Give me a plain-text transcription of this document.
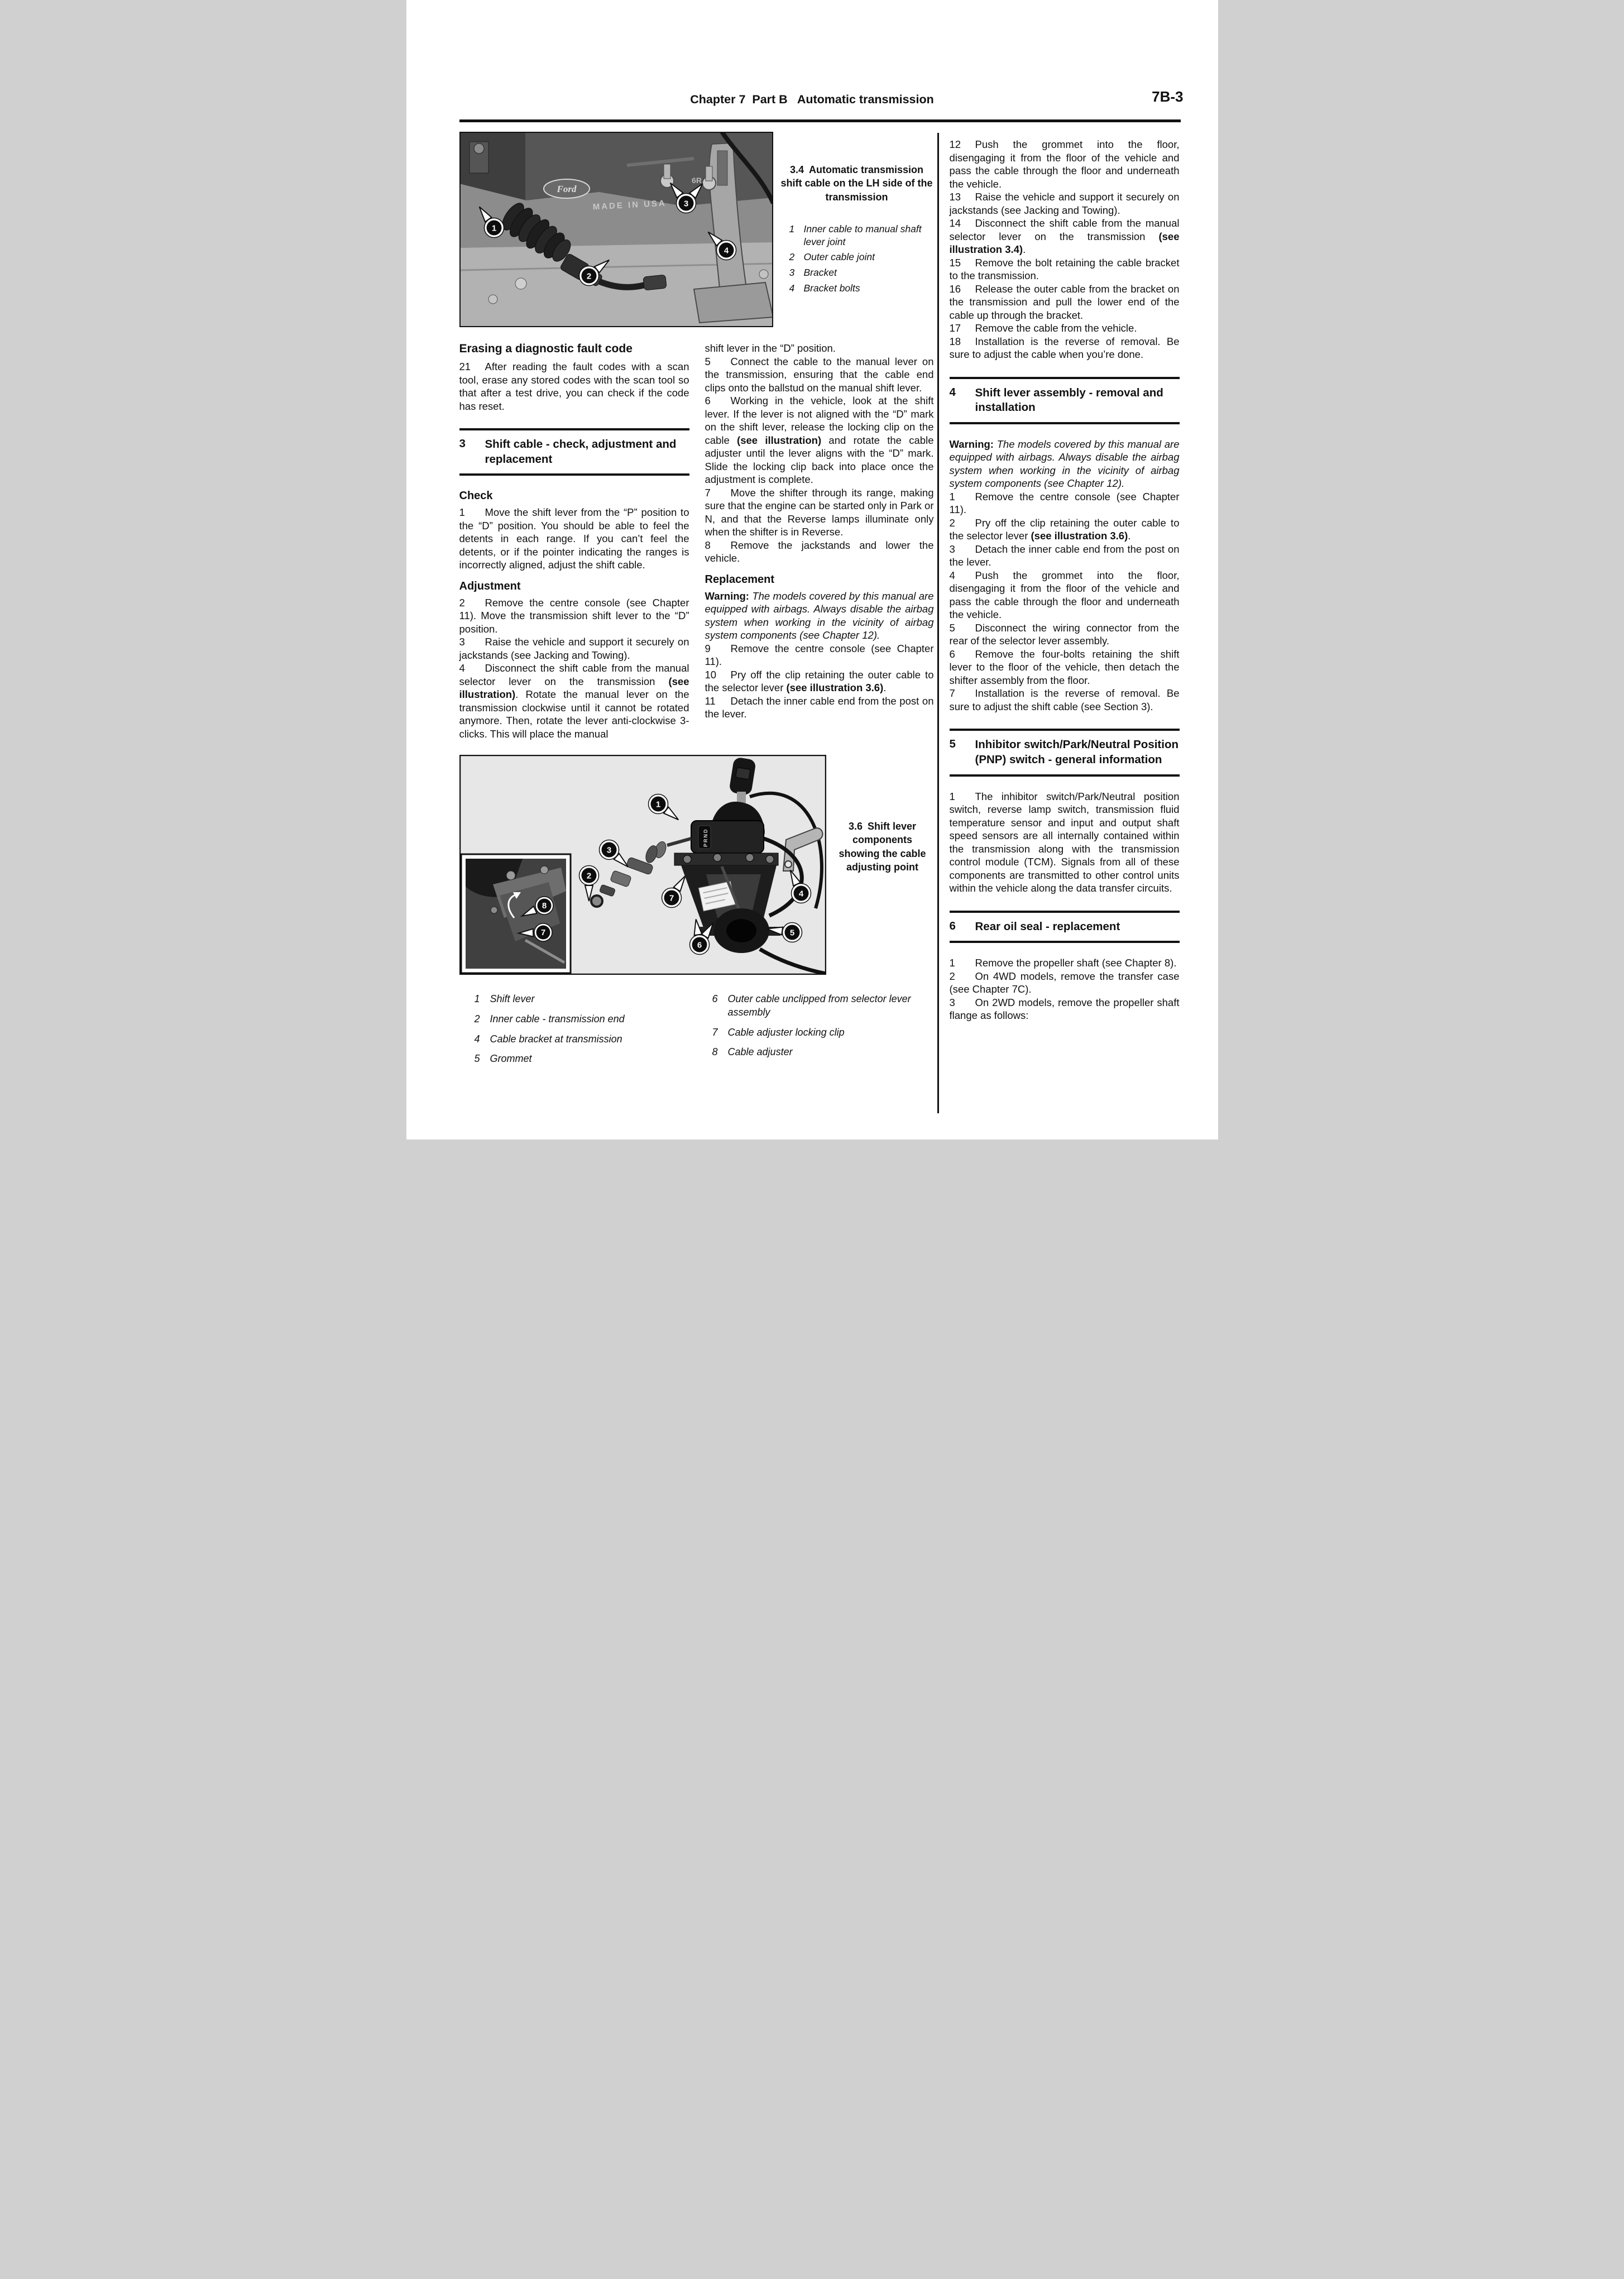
Chapter 7  Part B   Automatic transmission	7B-3
Ford
MADE IN USA
6R
1
2
3
4
3.4 Automatic transmission shift cable on the LH side of the transmission
1 Inner cable to manual shaft lever joint
2 Outer cable joint
3 Bracket
4 Bracket bolts
Erasing a diagnostic fault code

21 After reading the fault codes with a scan tool, erase any stored codes with the scan tool so that after a test drive, you can check if the code has reset.

3	Shift cable - check, adjustment and replacement
Check

1 Move the shift lever from the “P” position to the “D” position. You should be able to feel the detents in each range. If you can’t feel the detents, or if the pointer indicating the ranges is incorrectly aligned, adjust the shift cable.

Adjustment

2 Remove the centre console (see Chapter 11). Move the transmission shift lever to the “D” position.

3 Raise the vehicle and support it securely on jackstands (see Jacking and Towing).

4 Disconnect the shift cable from the manual selector lever on the transmission (see illustration). Rotate the manual lever on the transmission clockwise until it cannot be rotated anymore. Then, rotate the lever anti-clockwise 3-clicks. This will place the manual

shift lever in the “D” position.

5 Connect the cable to the manual lever on the transmission, ensuring that the cable end clips onto the ballstud on the manual shift lever.

6 Working in the vehicle, look at the shift lever. If the lever is not aligned with the “D” mark on the shift lever, release the locking clip on the cable (see illustration) and rotate the cable adjuster until the lever aligns with the “D” mark. Slide the locking clip back into place once the adjustment is complete.

7 Move the shifter through its range, making sure that the engine can be started only in Park or N, and that the Reverse lamps illuminate only when the shifter is in Reverse.

8 Remove the jackstands and lower the vehicle.

Replacement

Warning: The models covered by this manual are equipped with airbags. Always disable the airbag system when working in the vicinity of airbag system components (see Chapter 12).

9 Remove the centre console (see Chapter 11).

10 Pry off the clip retaining the outer cable to the selector lever (see illustration 3.6).

11 Detach the inner cable end from the post on the lever.

12 Push the grommet into the floor, disengaging it from the floor of the vehicle and pass the cable through the floor and underneath the vehicle.

13 Raise the vehicle and support it securely on jackstands (see Jacking and Towing).

14 Disconnect the shift cable from the manual selector lever on the transmission (see illustration 3.4).

15 Remove the bolt retaining the cable bracket to the transmission.

16 Release the outer cable from the bracket on the transmission and pull the lower end of the cable up through the bracket.

17 Remove the cable from the vehicle.

18 Installation is the reverse of removal. Be sure to adjust the cable when you’re done.

4	Shift lever assembly - removal and installation

Warning: The models covered by this manual are equipped with airbags. Always disable the airbag system when working in the vicinity of airbag system components (see Chapter 12).

1 Remove the centre console (see Chapter 11).

2 Pry off the clip retaining the outer cable to the selector lever (see illustration 3.6).

3 Detach the inner cable end from the post on the lever.

4 Push the grommet into the floor, disengaging it from the floor of the vehicle and pass the cable through the floor and underneath the vehicle.

5 Disconnect the wiring connector from the rear of the selector lever assembly.

6 Remove the four-bolts retaining the shift lever to the floor of the vehicle, then detach the shifter assembly from the floor.

7 Installation is the reverse of removal. Be sure to adjust the shift cable (see Section 3).

5	Inhibitor switch/Park/Neutral Position (PNP) switch - general information

1 The inhibitor switch/Park/Neutral position switch, reverse lamp switch, transmission fluid temperature sensor and input and output shaft speed sensors are all internally contained within the transmission along with the transmission control module (TCM). Signals from all of these components are transmitted to other control units within the vehicle along the data transfer circuits.

6	Rear oil seal - replacement

1 Remove the propeller shaft (see Chapter 8).

2 On 4WD models, remove the transfer case (see Chapter 7C).

3 On 2WD models, remove the propeller shaft flange as follows:

PRND
8
7
1
3
2
4
7
6
5
3.6 Shift lever components showing the cable adjusting point
1 Shift lever
2 Inner cable - transmission end
4 Cable bracket at transmission
5 Grommet
6 Outer cable unclipped from selector lever assembly
7 Cable adjuster locking clip
8 Cable adjuster
